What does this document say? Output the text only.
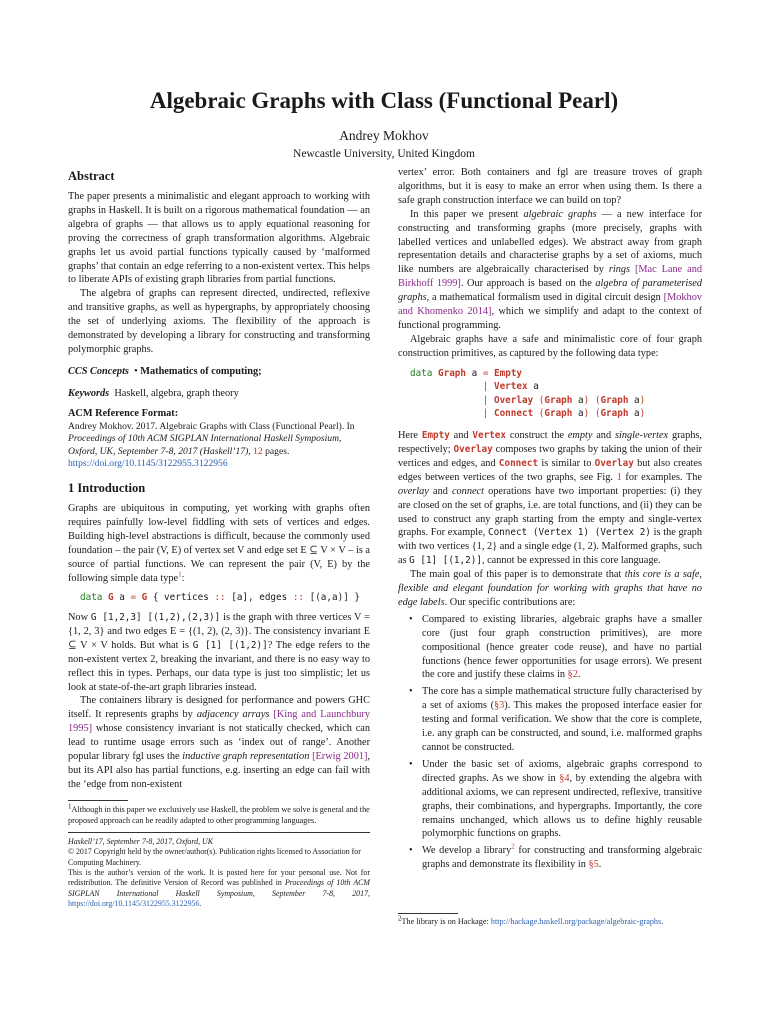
Algebraic Graphs with Class (Functional Pearl)
Andrey Mokhov
Newcastle University, United Kingdom
Abstract

The paper presents a minimalistic and elegant approach to working with graphs in Haskell. It is built on a rigorous mathematical foundation — an algebra of graphs — that allows us to apply equational reasoning for proving the correctness of graph transformation algorithms. Algebraic graphs let us avoid partial functions typically caused by ‘malformed graphs’ that contain an edge referring to a non-existent vertex. This helps to liberate APIs of existing graph libraries from partial functions.

The algebra of graphs can represent directed, undirected, reflexive and transitive graphs, as well as hypergraphs, by appropriately choosing the set of underlying axioms. The flexibility of the approach is demonstrated by developing a library for constructing and transforming polymorphic graphs.

CCS Concepts • Mathematics of computing;

Keywords Haskell, algebra, graph theory

ACM Reference Format:

Andrey Mokhov. 2017. Algebraic Graphs with Class (Functional Pearl). In Proceedings of 10th ACM SIGPLAN International Haskell Symposium, Oxford, UK, September 7-8, 2017 (Haskell’17), 12 pages.
https://doi.org/10.1145/3122955.3122956

1 Introduction

Graphs are ubiquitous in computing, yet working with graphs often requires painfully low-level fiddling with sets of vertices and edges. Building high-level abstractions is difficult, because the commonly used foundation – the pair (V, E) of vertex set V and edge set E ⊆ V × V – is a source of partial functions. We can represent the pair (V, E) by the following simple data type$^1$:

data G a = G { vertices :: [a], edges :: [(a,a)] }

Now G [1,2,3] [(1,2),(2,3)] is the graph with three vertices V = {1, 2, 3} and two edges E = {(1, 2), (2, 3)}. The consistency invariant E ⊆ V × V holds. But what is G [1] [(1,2)]? The edge refers to the non-existent vertex 2, breaking the invariant, and there is no easy way to reflect this in types. Perhaps, our data type is just too simplistic; let us look at state-of-the-art graph libraries instead.

The containers library is designed for performance and powers GHC itself. It represents graphs by adjacency arrays [King and Launchbury 1995] whose consistency invariant is not statically checked, which can lead to runtime usage errors such as ‘index out of range’. Another popular library fgl uses the inductive graph representation [Erwig 2001], but its API also has partial functions, e.g. inserting an edge can fail with the ‘edge from non-existent

$^1$Although in this paper we exclusively use Haskell, the problem we solve is general and the proposed approach can be readily adapted to other programming languages.

Haskell’17, September 7-8, 2017, Oxford, UK

© 2017 Copyright held by the owner/author(s). Publication rights licensed to Association for Computing Machinery.

This is the author’s version of the work. It is posted here for your personal use. Not for redistribution. The definitive Version of Record was published in Proceedings of 10th ACM SIGPLAN International Haskell Symposium, September 7-8, 2017, https://doi.org/10.1145/3122955.3122956.

vertex’ error. Both containers and fgl are treasure troves of graph algorithms, but it is easy to make an error when using them. Is there a safe graph construction interface we can build on top?

In this paper we present algebraic graphs — a new interface for constructing and transforming graphs (more precisely, graphs with labelled vertices and unlabelled edges). We abstract away from graph representation details and characterise graphs by a set of axioms, much like numbers are algebraically characterised by rings [Mac Lane and Birkhoff 1999]. Our approach is based on the algebra of parameterised graphs, a mathematical formalism used in digital circuit design [Mokhov and Khomenko 2014], which we simplify and adapt to the context of functional programming.

Algebraic graphs have a safe and minimalistic core of four graph construction primitives, as captured by the following data type:

data Graph a = Empty
| Vertex a
| Overlay (Graph a) (Graph a)
| Connect (Graph a) (Graph a)

Here Empty and Vertex construct the empty and single-vertex graphs, respectively; Overlay composes two graphs by taking the union of their vertices and edges, and Connect is similar to Overlay but also creates edges between vertices of the two graphs, see Fig. 1 for examples. The overlay and connect operations have two important properties: (i) they are closed on the set of graphs, i.e. are total functions, and (ii) they can be used to construct any graph starting from the empty and single-vertex graphs. For example, Connect (Vertex 1) (Vertex 2) is the graph with two vertices {1, 2} and a single edge (1, 2). Malformed graphs, such as G [1] [(1,2)], cannot be expressed in this core language.

The main goal of this paper is to demonstrate that this core is a safe, flexible and elegant foundation for working with graphs that have no edge labels. Our specific contributions are:

• Compared to existing libraries, algebraic graphs have a smaller core (just four graph construction primitives), are more compositional (hence greater code reuse), and have no partial functions (hence fewer opportunities for usage errors). We present the core and justify these claims in §2.
• The core has a simple mathematical structure fully characterised by a set of axioms (§3). This makes the proposed interface easier for testing and formal verification. We show that the core is complete, i.e. any graph can be constructed, and sound, i.e. malformed graphs cannot be constructed.
• Under the basic set of axioms, algebraic graphs correspond to directed graphs. As we show in §4, by extending the algebra with additional axioms, we can represent undirected, reflexive, transitive graphs, their combinations, and hypergraphs. Importantly, the core remains unchanged, which allows us to define highly reusable polymorphic functions on graphs.
• We develop a library$^2$ for constructing and transforming algebraic graphs and demonstrate its flexibility in §5.

$^2$The library is on Hackage: http://hackage.haskell.org/package/algebraic-graphs.
